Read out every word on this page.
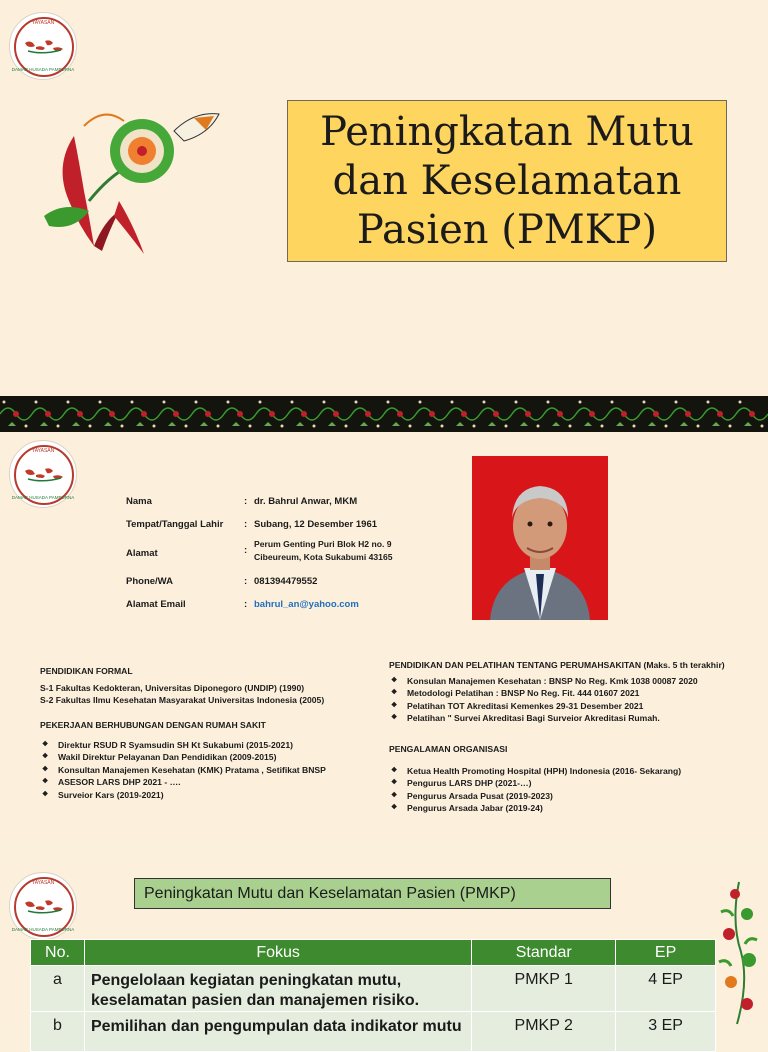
YAYASAN
DAMAR HUSADA PAMPURNA
Peningkatan Mutu dan Keselamatan Pasien (PMKP)
YAYASAN
DAMAR HUSADA PAMPURNA	Nama	: dr. Bahrul Anwar, MKM
Tempat/Tanggal Lahir : Subang, 12 Desember 1961
Alamat	:
Perum Genting Puri Blok H2 no. 9
Cibeureum, Kota Sukabumi 43165
Phone/WA	: 081394479552
Alamat Email	: bahrul_an@yahoo.com
PENDIDIKAN FORMAL
S-1 Fakultas Kedokteran, Universitas Diponegoro (UNDIP) (1990)
S-2 Fakultas Ilmu Kesehatan Masyarakat Universitas Indonesia (2005)
PEKERJAAN BERHUBUNGAN DENGAN RUMAH SAKIT
❖ Direktur RSUD R Syamsudin SH Kt Sukabumi (2015-2021)
❖ Wakil Direktur Pelayanan Dan Pendidikan (2009-2015)
❖ Konsultan Manajemen Kesehatan (KMK) Pratama , Setifikat BNSP
❖ ASESOR LARS DHP 2021 - ….
❖ Surveior Kars (2019-2021)
PENDIDIKAN DAN PELATIHAN TENTANG PERUMAHSAKITAN (Maks. 5 th terakhir)
❖ Konsulan Manajemen Kesehatan : BNSP No Reg. Kmk 1038 00087 2020
❖ Metodologi Pelatihan : BNSP No Reg. Fit. 444 01607 2021
❖ Pelatihan TOT Akreditasi Kemenkes 29-31 Desember 2021
❖ Pelatihan " Survei Akreditasi Bagi Surveior Akreditasi Rumah.
PENGALAMAN ORGANISASI
❖ Ketua Health Promoting Hospital (HPH) Indonesia (2016- Sekarang)
❖ Pengurus LARS DHP (2021-…)
❖ Pengurus Arsada Pusat (2019-2023)
❖ Pengurus Arsada Jabar (2019-24)
YAYASAN
DAMAR HUSADA PAMPURNA
Peningkatan Mutu dan Keselamatan Pasien (PMKP)
No.	Fokus	Standar	EP
a	Pengelolaan kegiatan peningkatan mutu,
keselamatan pasien dan manajemen risiko.	PMKP 1	4 EP
b	Pemilihan dan pengumpulan data indikator mutu	PMKP 2	3 EP
